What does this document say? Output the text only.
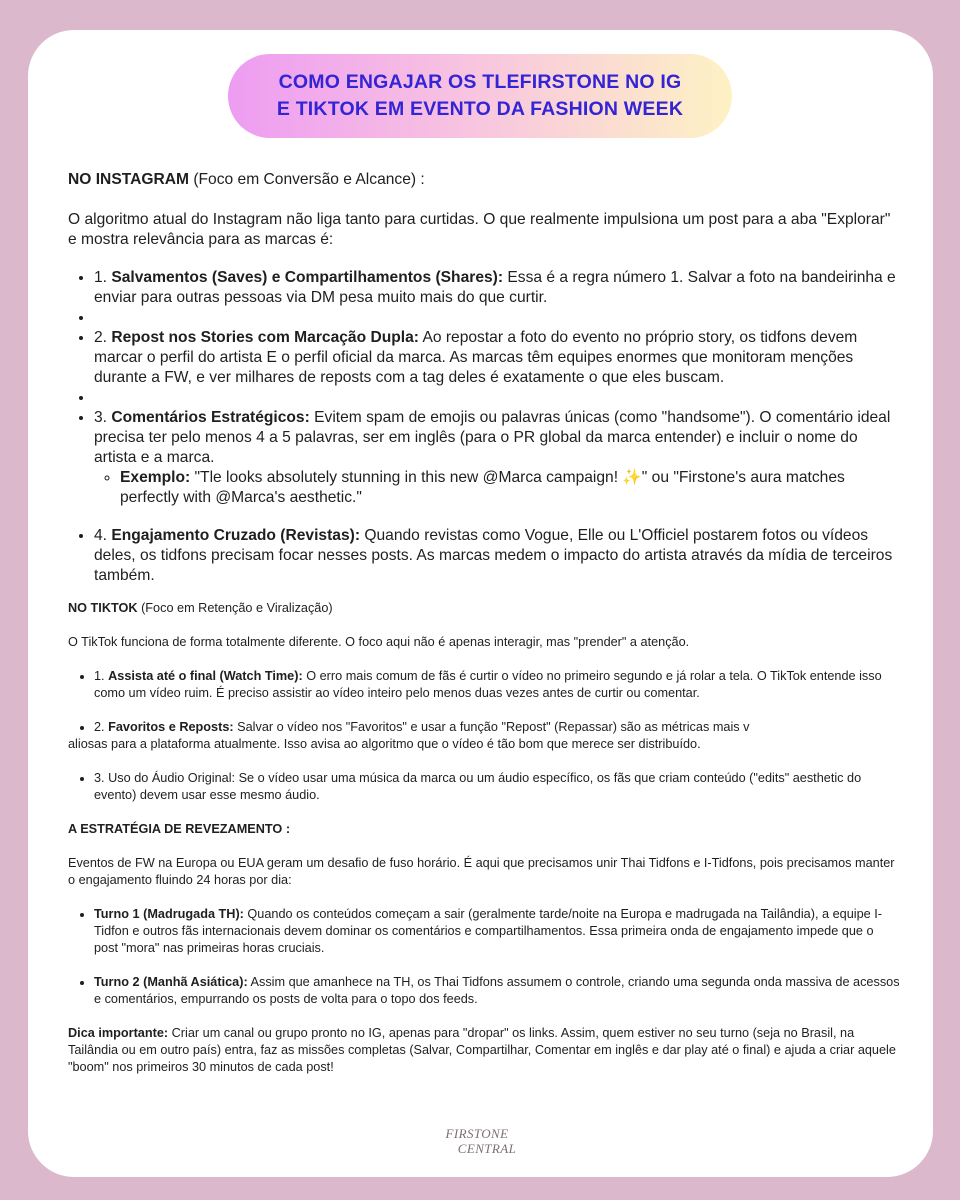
COMO ENGAJAR OS TLEFIRSTONE NO IG
E TIKTOK EM EVENTO DA FASHION WEEK

NO INSTAGRAM (Foco em Conversão e Alcance) :

O algoritmo atual do Instagram não liga tanto para curtidas. O que realmente impulsiona um post para a aba "Explorar" e mostra relevância para as marcas é:

• 1. Salvamentos (Saves) e Compartilhamentos (Shares): Essa é a regra número 1. Salvar a foto na bandeirinha e enviar para outras pessoas via DM pesa muito mais do que curtir.
•
• 2. Repost nos Stories com Marcação Dupla: Ao repostar a foto do evento no próprio story, os tidfons devem marcar o perfil do artista E o perfil oficial da marca. As marcas têm equipes enormes que monitoram menções durante a FW, e ver milhares de reposts com a tag deles é exatamente o que eles buscam.
•
• 3. Comentários Estratégicos: Evitem spam de emojis ou palavras únicas (como "handsome"). O comentário ideal precisa ter pelo menos 4 a 5 palavras, ser em inglês (para o PR global da marca entender) e incluir o nome do artista e a marca.
◦ Exemplo: "Tle looks absolutely stunning in this new @Marca campaign! ✨" ou "Firstone's aura matches perfectly with @Marca's aesthetic."
• 4. Engajamento Cruzado (Revistas): Quando revistas como Vogue, Elle ou L'Officiel postarem fotos ou vídeos deles, os tidfons precisam focar nesses posts. As marcas medem o impacto do artista através da mídia de terceiros também.

NO TIKTOK (Foco em Retenção e Viralização)

O TikTok funciona de forma totalmente diferente. O foco aqui não é apenas interagir, mas "prender" a atenção.

• 1. Assista até o final (Watch Time): O erro mais comum de fãs é curtir o vídeo no primeiro segundo e já rolar a tela. O TikTok entende isso como um vídeo ruim. É preciso assistir ao vídeo inteiro pelo menos duas vezes antes de curtir ou comentar.
• 2. Favoritos e Reposts: Salvar o vídeo nos "Favoritos" e usar a função "Repost" (Repassar) são as métricas mais v

aliosas para a plataforma atualmente. Isso avisa ao algoritmo que o vídeo é tão bom que merece ser distribuído.

• 3. Uso do Áudio Original: Se o vídeo usar uma música da marca ou um áudio específico, os fãs que criam conteúdo ("edits" aesthetic do evento) devem usar esse mesmo áudio.

A ESTRATÉGIA DE REVEZAMENTO :

Eventos de FW na Europa ou EUA geram um desafio de fuso horário. É aqui que precisamos unir Thai Tidfons e I-Tidfons, pois precisamos manter o engajamento fluindo 24 horas por dia:

• Turno 1 (Madrugada TH): Quando os conteúdos começam a sair (geralmente tarde/noite na Europa e madrugada na Tailândia), a equipe I-Tidfon e outros fãs internacionais devem dominar os comentários e compartilhamentos. Essa primeira onda de engajamento impede que o post "mora" nas primeiras horas cruciais.
• Turno 2 (Manhã Asiática): Assim que amanhece na TH, os Thai Tidfons assumem o controle, criando uma segunda onda massiva de acessos e comentários, empurrando os posts de volta para o topo dos feeds.

Dica importante: Criar um canal ou grupo pronto no IG, apenas para "dropar" os links. Assim, quem estiver no seu turno (seja no Brasil, na Tailândia ou em outro país) entra, faz as missões completas (Salvar, Compartilhar, Comentar em inglês e dar play até o final) e ajuda a criar aquele "boom" nos primeiros 30 minutos de cada post!

FIRSTONE
CENTRAL
